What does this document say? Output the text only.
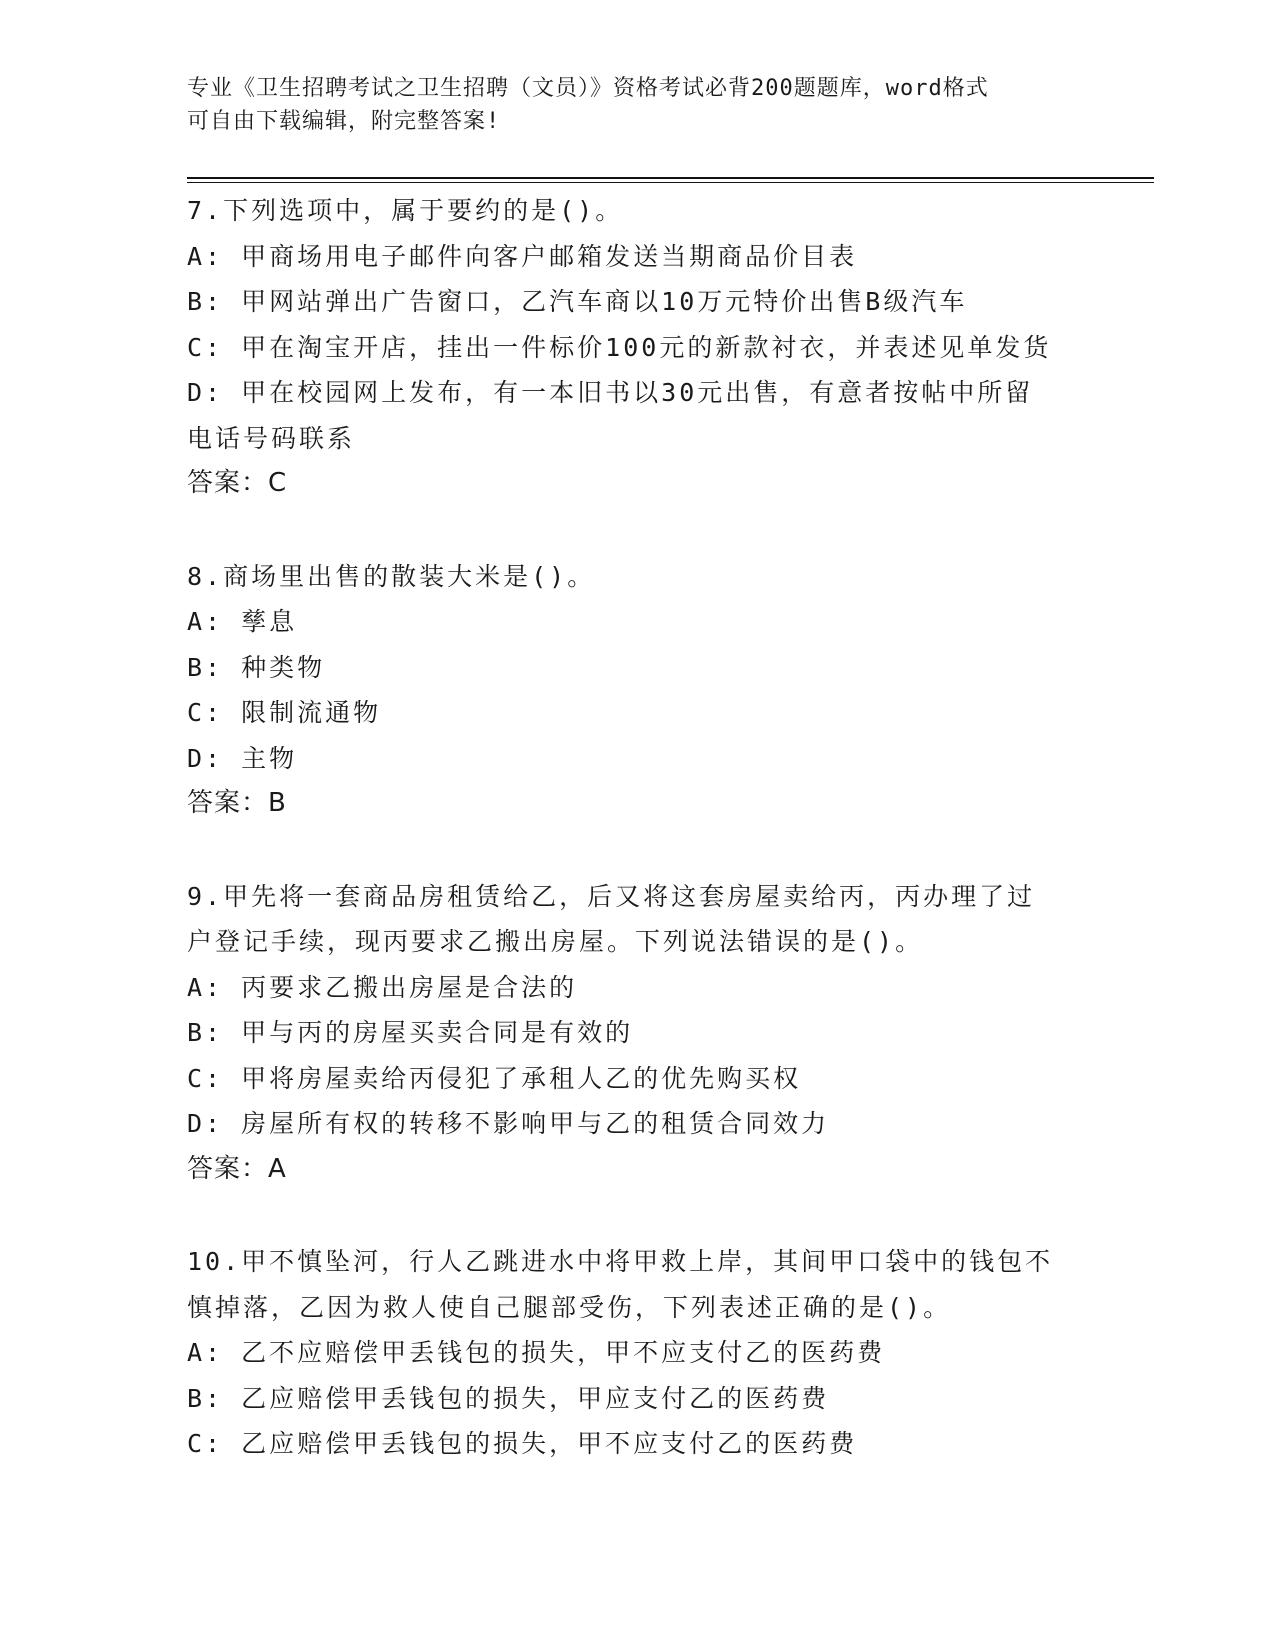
专业《卫生招聘考试之卫生招聘（文员）》资格考试必背200题题库，word格式
可自由下载编辑，附完整答案!
7.下列选项中，属于要约的是()。
A: 甲商场用电子邮件向客户邮箱发送当期商品价目表
B: 甲网站弹出广告窗口，乙汽车商以10万元特价出售B级汽车
C: 甲在淘宝开店，挂出一件标价100元的新款衬衣，并表述见单发货
D: 甲在校园网上发布，有一本旧书以30元出售，有意者按帖中所留
电话号码联系
答案：C
8.商场里出售的散装大米是()。
A: 孳息
B: 种类物
C: 限制流通物
D: 主物
答案：B
9.甲先将一套商品房租赁给乙，后又将这套房屋卖给丙，丙办理了过
户登记手续，现丙要求乙搬出房屋。下列说法错误的是()。
A: 丙要求乙搬出房屋是合法的
B: 甲与丙的房屋买卖合同是有效的
C: 甲将房屋卖给丙侵犯了承租人乙的优先购买权
D: 房屋所有权的转移不影响甲与乙的租赁合同效力
答案：A
10.甲不慎坠河，行人乙跳进水中将甲救上岸，其间甲口袋中的钱包不
慎掉落，乙因为救人使自己腿部受伤，下列表述正确的是()。
A: 乙不应赔偿甲丢钱包的损失，甲不应支付乙的医药费
B: 乙应赔偿甲丢钱包的损失，甲应支付乙的医药费
C: 乙应赔偿甲丢钱包的损失，甲不应支付乙的医药费
